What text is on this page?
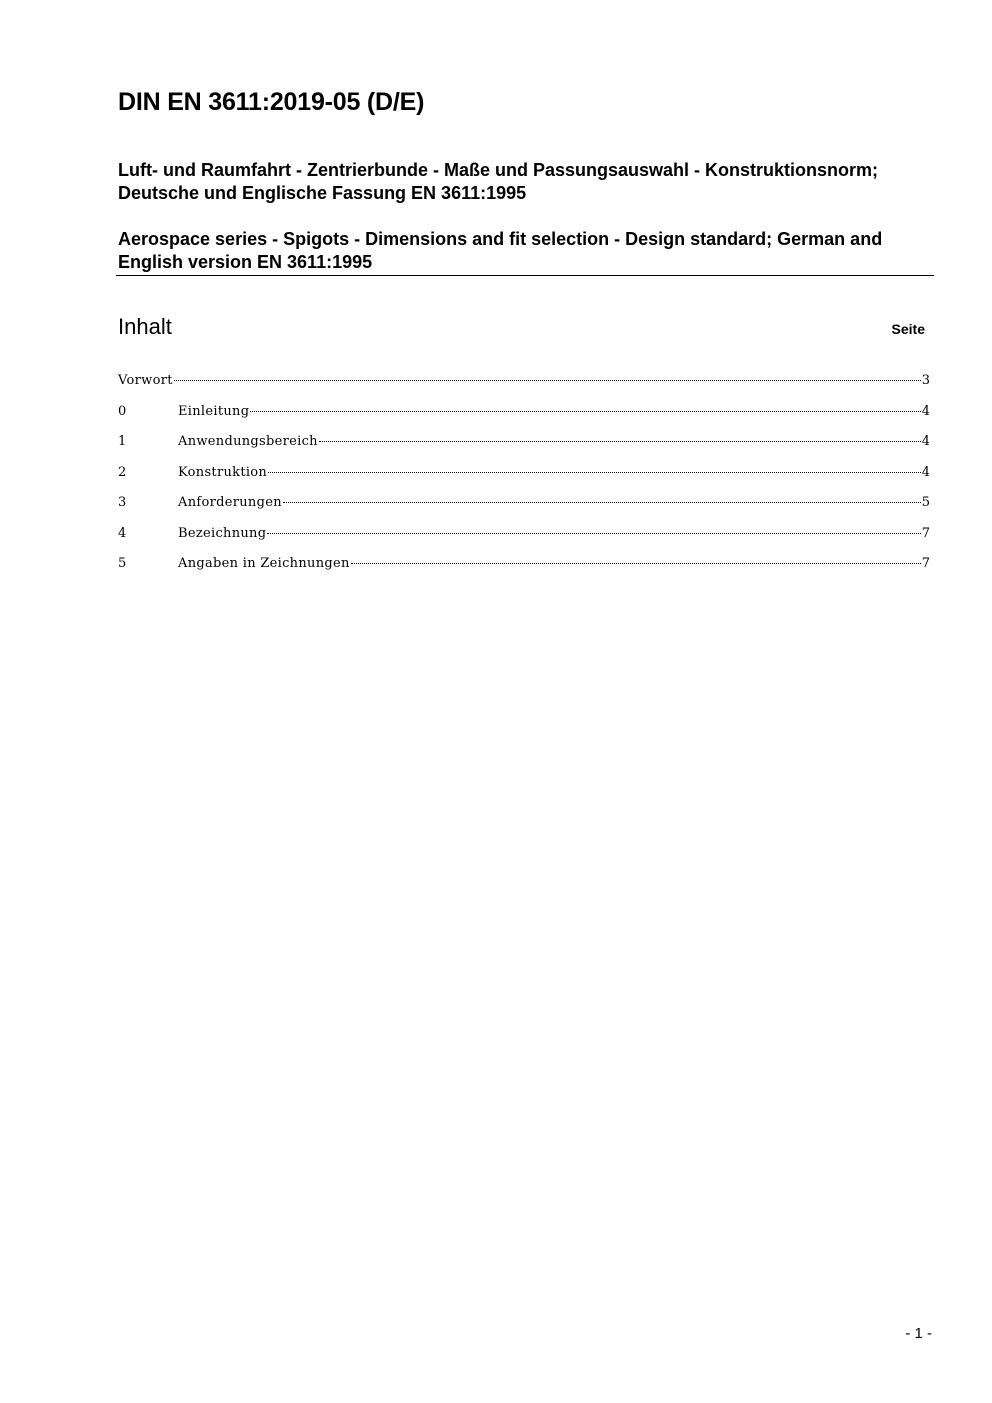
DIN EN 3611:2019-05 (D/E)

Luft- und Raumfahrt - Zentrierbunde - Maße und Passungsauswahl - Konstruktionsnorm; Deutsche und Englische Fassung EN 3611:1995

Aerospace series - Spigots - Dimensions and fit selection - Design standard; German and English version EN 3611:1995

Inhalt	Seite
Vorwort	3
0	Einleitung	4
1	Anwendungsbereich	4
2	Konstruktion	4
3	Anforderungen	5
4	Bezeichnung	7
5	Angaben in Zeichnungen	7
- 1 -
